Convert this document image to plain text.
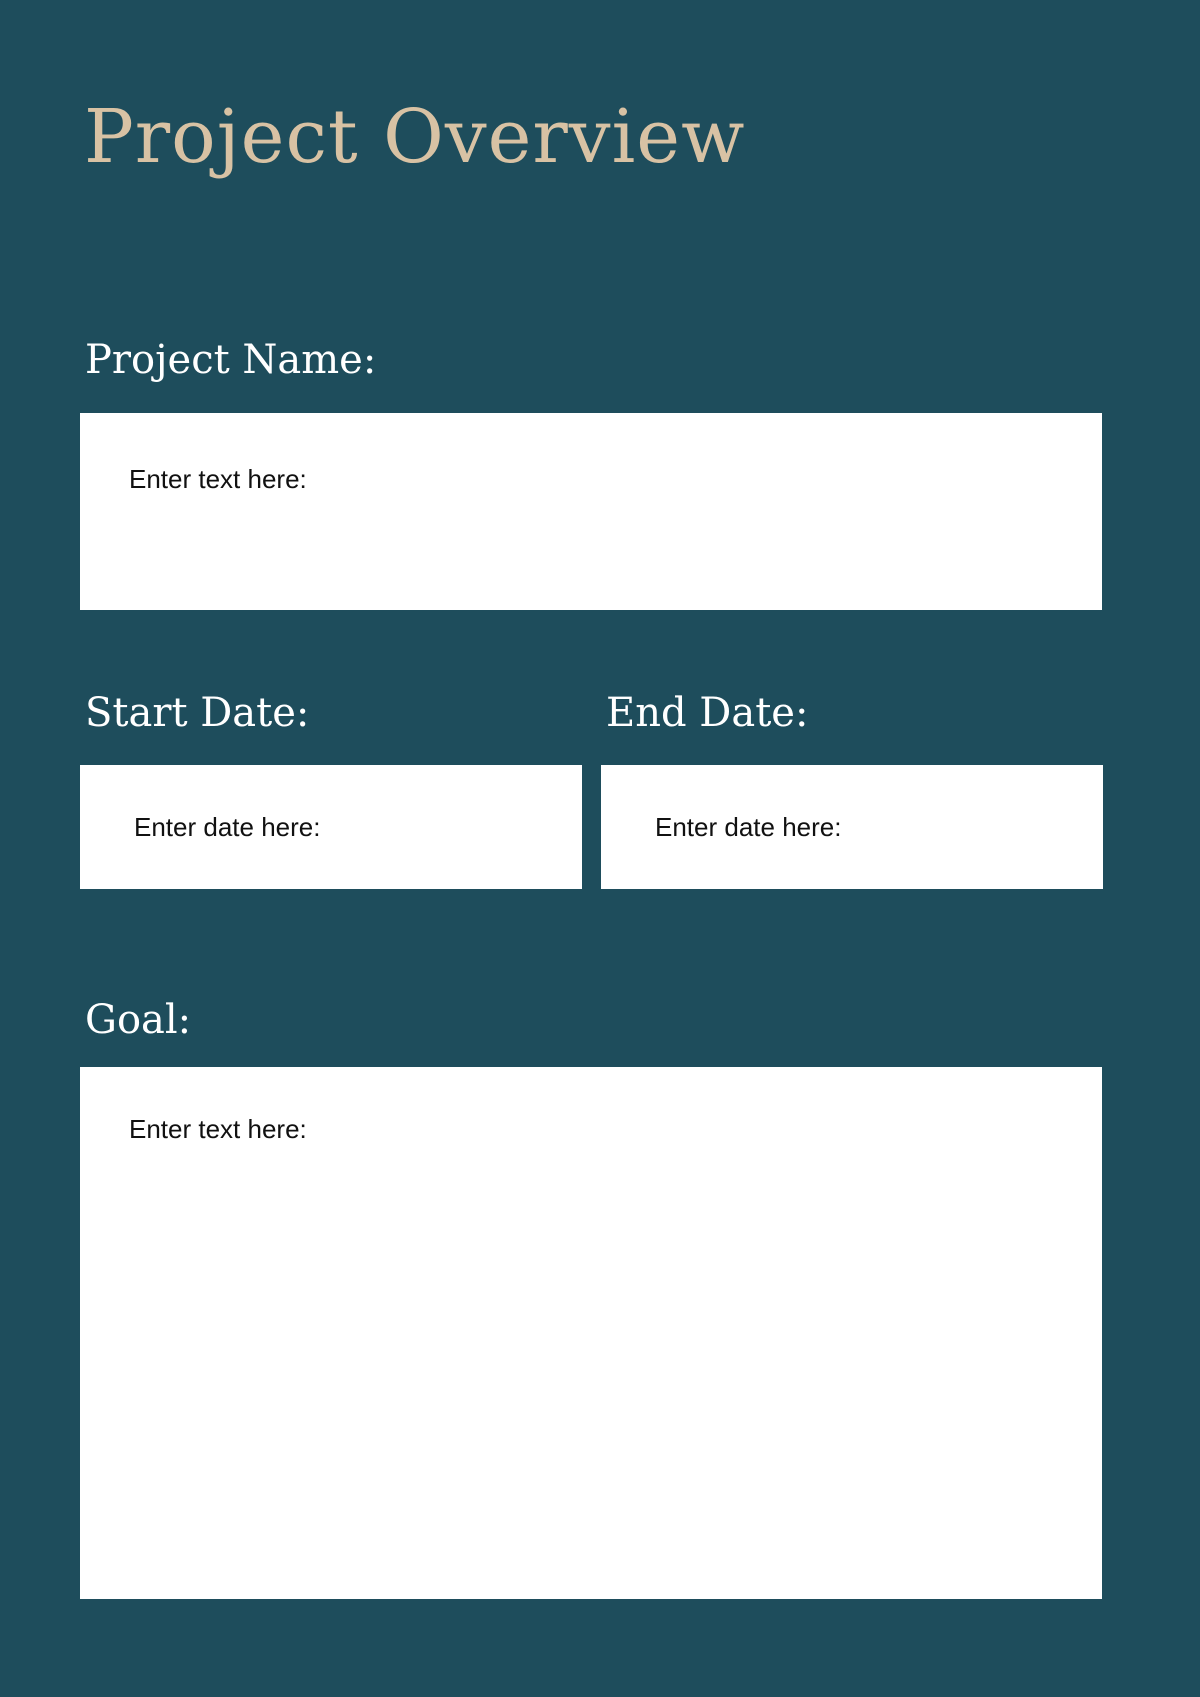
Project Overview
Project Name:
Enter text here:
Start Date:	End Date:
Enter date here:	Enter date here:
Goal:
Enter text here:
